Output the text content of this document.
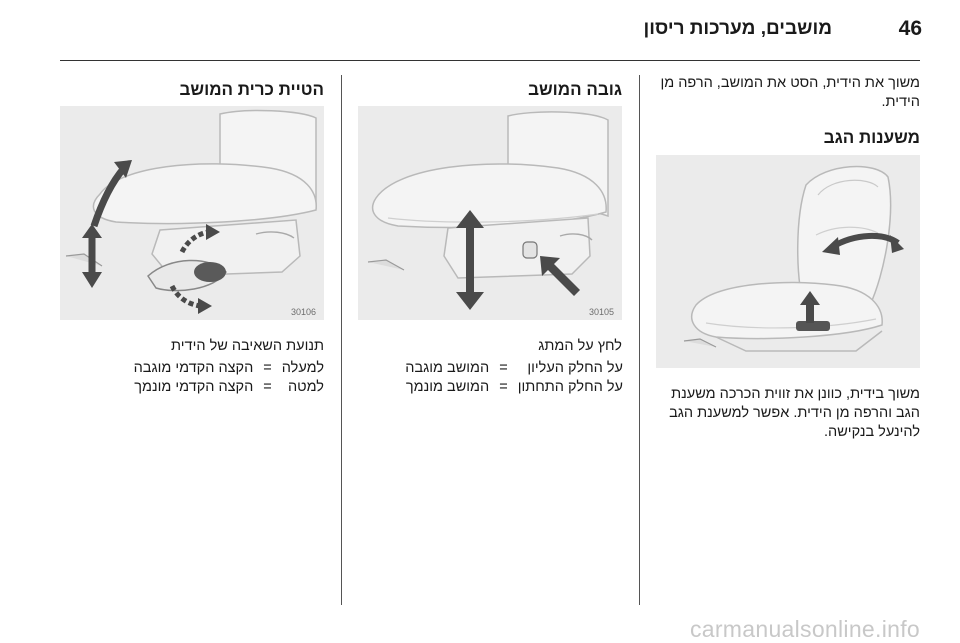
46
מושבים, מערכות ריסון
משוך את הידית, הסט את המושב, הרפה מן הידית.
משענות הגב
משוך בידית, כוונן את זווית הכרכה משענת הגב והרפה מן הידית. אפשר למשענת הגב להינעל בנקישה.
גובה המושב
30105
לחץ על המתג
על החלק העליון	=	המושב מוגבה
על החלק התחתון	=	המושב מונמך
הטיית כרית המושב
30106
תנועת השאיבה של הידית
למעלה	=	הקצה הקדמי מוגבה
למטה	=	הקצה הקדמי מונמך
carmanualsonline.info
